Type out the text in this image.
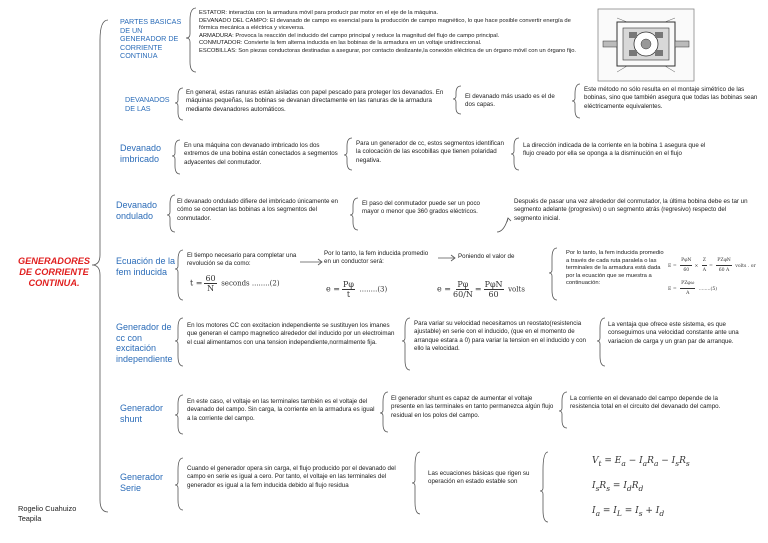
GENERADORES DE CORRIENTE CONTINUA.
Rogelio Cuahuizo Teapila
PARTES BASICAS DE UN GENERADOR DE CORRIENTE CONTINUA
ESTATOR: interactúa con la armadura móvil para producir par motor en el eje de la máquina.
DEVANADO DEL CAMPO: El devanado de campo es esencial para la producción de campo magnético, lo que hace posible convertir energía de fórmica mecánica a eléctrica y viceversa.
ARMADURA: Provoca la reacción del inducido del campo principal y reduce la magnitud del flujo de campo principal.
CONMUTADOR: Convierte la fem alterna inducida en las bobinas de la armadura en un voltaje unidireccional.
ESCOBILLAS: Son piezas conductoras destinadas a asegurar, por contacto deslizante,la conexión eléctrica de un órgano móvil con un órgano fijo.
DEVANADOS DE LAS
En general, estas ranuras están aisladas con papel pescado para proteger los devanados. En máquinas pequeñas, las bobinas se devanan directamente en las ranuras de la armadura mediante devanadores automáticos.
El devanado más usado es el de dos capas.
Este método no sólo resulta en el montaje simétrico de las bobinas, sino que también asegura que todas las bobinas sean eléctricamente equivalentes.
Devanado imbricado
En una máquina con devanado imbricado los dos extremos de una bobina están conectados a segmentos adyacentes del conmutador.
Para un generador de cc, estos segmentos identifican la colocación de las escobillas que tienen polaridad negativa.
La dirección indicada de la corriente en la bobina 1 asegura que el flujo creado por ella se oponga a la disminución en el flujo
Devanado ondulado
El devanado ondulado difiere del imbricado únicamente en cómo se conectan las bobinas a los segmentos del conmutador.
El paso del conmutador puede ser un poco mayor o menor que 360 grados eléctricos.
Después de pasar una vez alrededor del conmutador, la última bobina debe es tar un segmento adelante (progresivo) o un segmento atrás (regresivo) respecto del segmento inicial.
Ecuación de la fem inducida
El tiempo necesario para completar una revolución se da como:
$t = \frac{60}{N}$ seconds ........(2)
Por lo tanto, la fem inducida promedio en un conductor será:
$e = \frac{P\varphi}{t} ........(3)$
Poniendo el valor de
$e = \frac{P\varphi}{60/N} = \frac{\text{PφN}}{60}$ volts
Por lo tanto, la fem inducida promedio a través de cada ruta paralela o las terminales de la armadura está dada por la ecuación que se muestra a continuación:
$E = \frac{\text{PφN}}{60} \times \frac{Z}{A} = \frac{\text{PZφN}}{60 A}$ volts . or
$E = \frac{\text{PZφω}}{A} ........(5)$
Generador de cc con excitación independiente
En los motores CC con excitacion independiente se sustituyen los imanes que generan el campo magnetico alrededor del inducido por un electroiman el cual alimentamos con una tension independiente,normalmente fija.
Para variar su velocidad necesitamos un reostato(resistencia ajustable) en serie con el inducido, (que en el momento de arranque estara a 0) para variar la tension en el inducido y con ello la velocidad.
La ventaja que ofrece este sistema, es que conseguimos una velocidad constante ante una variacion de carga y un gran par de arranque.
Generador shunt
En este caso, el voltaje en las terminales también es el voltaje del devanado del campo. Sin carga, la corriente en la armadura es igual a la corriente del campo.
El generador shunt es capaz de aumentar el voltaje presente en las terminales en tanto permanezca algún flujo residual en los polos del campo.
La corriente en el devanado del campo depende de la resistencia total en el circuito del devanado del campo.
Generador Serie
Cuando el generador opera sin carga, el flujo producido por el devanado del campo en serie es igual a cero. Por tanto, el voltaje en las terminales del generador es igual a la fem inducida debido al flujo residua
Las ecuaciones básicas que rigen su operación en estado estable son
$V_t = E_a - I_aR_a - I_sR_s$
$I_sR_s = I_dR_d$
$I_a = I_L = I_s + I_d$
